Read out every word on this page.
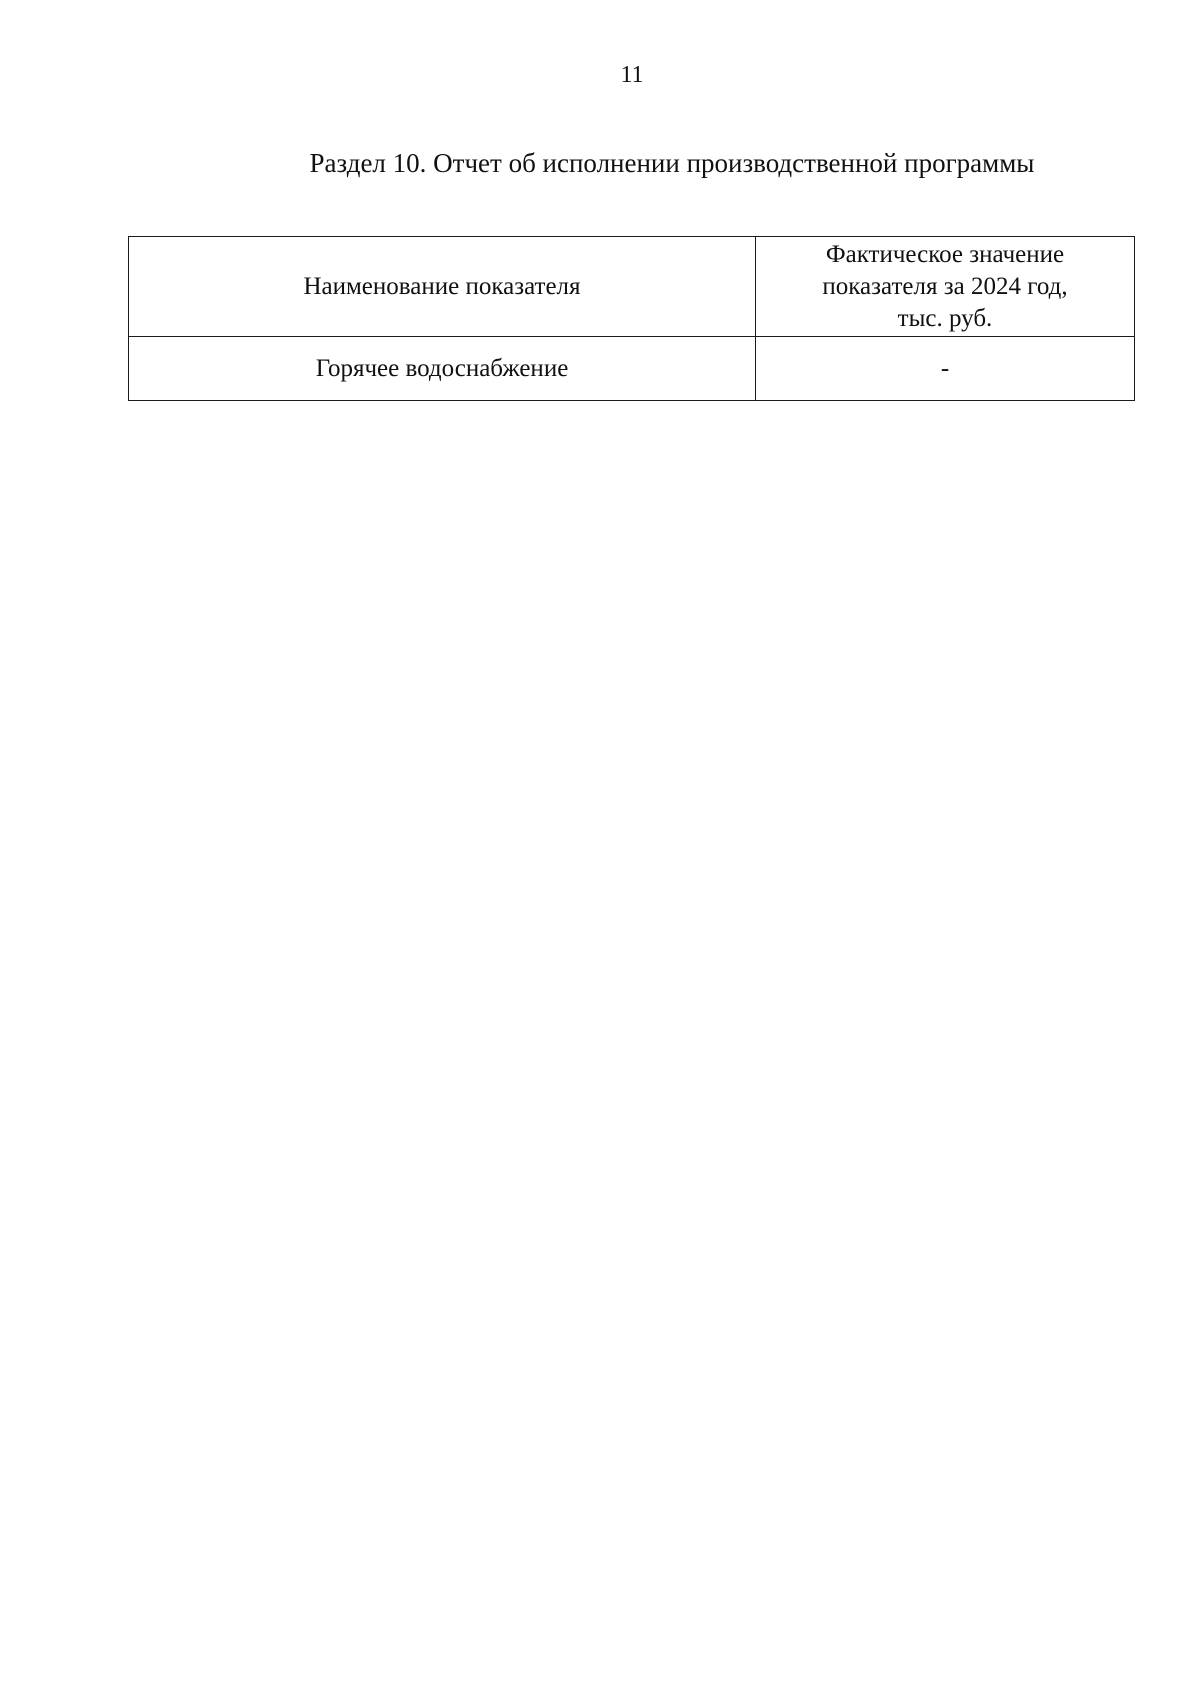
11
Раздел 10. Отчет об исполнении производственной программы
Наименование показателя	Фактическое значение
показателя за 2024 год,
тыс. руб.
Горячее водоснабжение	-
